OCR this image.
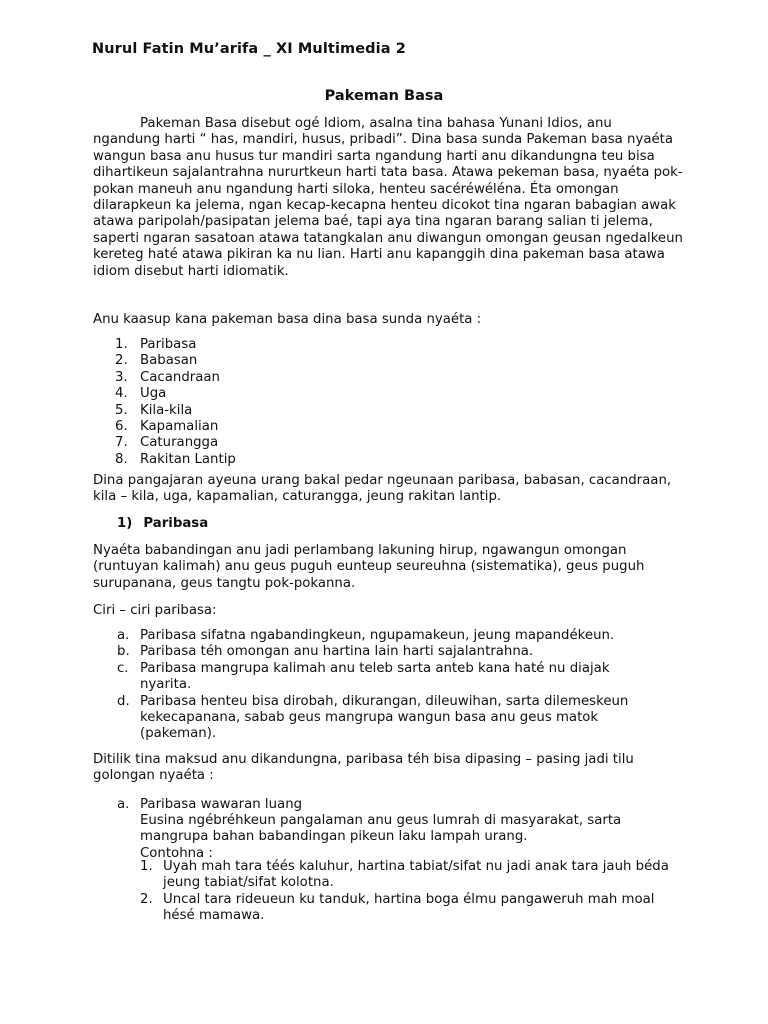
Nurul Fatin Mu’arifa _ XI Multimedia 2
Pakeman Basa

Pakeman Basa disebut ogé Idiom, asalna tina bahasa Yunani Idios, anu ngandung harti “ has, mandiri, husus, pribadi”. Dina basa sunda Pakeman basa nyaéta wangun basa anu husus tur mandiri sarta ngandung harti anu dikandungna teu bisa dihartikeun sajalantrahna nururtkeun harti tata basa. Atawa pekeman basa, nyaéta pok-pokan maneuh anu ngandung harti siloka, henteu sacéréwéléna. Éta omongan dilarapkeun ka jelema, ngan kecap-kecapna henteu dicokot tina ngaran babagian awak atawa paripolah/pasipatan jelema baé, tapi aya tina ngaran barang salian ti jelema, saperti ngaran sasatoan atawa tatangkalan anu diwangun omongan geusan ngedalkeun kereteg haté atawa pikiran ka nu lian. Harti anu kapanggih dina pakeman basa atawa idiom disebut harti idiomatik.

Anu kaasup kana pakeman basa dina basa sunda nyaéta :

1. Paribasa
2. Babasan
3. Cacandraan
4. Uga
5. Kila-kila
6. Kapamalian
7. Caturangga
8. Rakitan Lantip

Dina pangajaran ayeuna urang bakal pedar ngeunaan paribasa, babasan, cacandraan, kila – kila, uga, kapamalian, caturangga, jeung rakitan lantip.

1) Paribasa

Nyaéta babandingan anu jadi perlambang lakuning hirup, ngawangun omongan (runtuyan kalimah) anu geus puguh eunteup seureuhna (sistematika), geus puguh surupanana, geus tangtu pok-pokanna.

Ciri – ciri paribasa:

a. Paribasa sifatna ngabandingkeun, ngupamakeun, jeung mapandékeun.
b. Paribasa téh omongan anu hartina lain harti sajalantrahna.
c. Paribasa mangrupa kalimah anu teleb sarta anteb kana haté nu diajak nyarita.
d. Paribasa henteu bisa dirobah, dikurangan, dileuwihan, sarta dilemeskeun kekecapanana, sabab geus mangrupa wangun basa anu geus matok (pakeman).

Ditilik tina maksud anu dikandungna, paribasa téh bisa dipasing – pasing jadi tilu golongan nyaéta :

a. Paribasa wawaran luang
Eusina ngébréhkeun pangalaman anu geus lumrah di masyarakat, sarta mangrupa bahan babandingan pikeun laku lampah urang.
Contohna :
1. Uyah mah tara téés kaluhur, hartina tabiat/sifat nu jadi anak tara jauh béda jeung tabiat/sifat kolotna.
2. Uncal tara rideueun ku tanduk, hartina boga élmu pangaweruh mah moal hésé mamawa.
